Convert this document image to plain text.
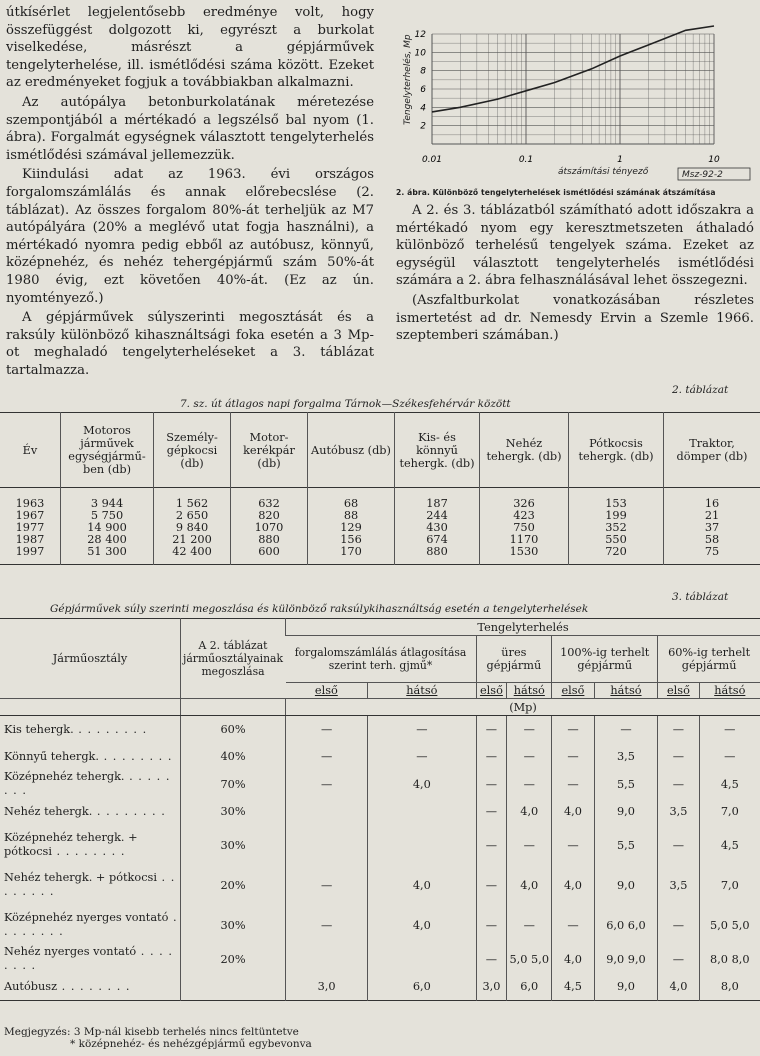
útkísérlet legjelentősebb eredménye volt, hogy összefüggést dolgozott ki, egyrészt a burkolat viselkedése, másrészt a gépjárművek tengelyterhelése, ill. ismétlődési száma között. Ezeket az eredményeket fogjuk a továbbiakban alkalmazni.

Az autópálya betonburkolatának méretezése szempontjából a mértékadó a legszélső bal nyom (1. ábra). Forgalmát egységnek választott tengelyterhelés ismétlődési számával jellemezzük.

Kiindulási adat az 1963. évi országos forgalomszámlálás és annak előrebecslése (2. táblázat). Az összes forgalom 80%-át terheljük az M7 autópályára (20% a meglévő utat fogja használni), a mértékadó nyomra pedig ebből az autóbusz, könnyű, középnehéz, és nehéz tehergépjármű szám 50%-át 1980 évig, ezt követően 40%-át. (Ez az ún. nyomtényező.)

A gépjárművek súlyszerinti megosztását és a raksúly különböző kihasználtsági foka esetén a 3 Mp-ot meghaladó tengelyterheléseket a 3. táblázat tartalmazza.

2
4
6
8
10
12
0.01	0.1	1	10
Tengelyterhelés, Mp
átszámítási tényező	Msz-92-2
2. ábra. Különböző tengelyterhelések ismétlődési számának átszámítása

A 2. és 3. táblázatból számítható adott időszakra a mértékadó nyom egy keresztmetszeten áthaladó különböző terhelésű tengelyek száma. Ezeket az egységül választott tengelyterhelés ismétlődési számára a 2. ábra felhasználásával lehet összegezni.

(Aszfaltburkolat vonatkozásában részletes ismertetést ad dr. Nemesdy Ervin a Szemle 1966. szeptemberi számában.)

2. táblázat
7. sz. út átlagos napi forgalma Tárnok—Székesfehérvár között
Év	Motoros járművek egységjármű-ben (db)	Személy-gépkocsi (db)	Motor-kerékpár (db)	Autóbusz (db)	Kis- és könnyű tehergk. (db)	Nehéz tehergk. (db)	Pótkocsis tehergk. (db)	Traktor, dömper (db)
1963	3 944	1 562	632	68	187	326	153	16
1967	5 750	2 650	820	88	244	423	199	21
1977	14 900	9 840	1070	129	430	750	352	37
1987	28 400	21 200	880	156	674	1170	550	58
1997	51 300	42 400	600	170	880	1530	720	75
3. táblázat
Gépjárművek súly szerinti megoszlása és különböző raksúlykihasználtság esetén a tengelyterhelések
Járműosztály	A 2. táblázat járműosztályainak megoszlása	Tengelyterhelés							
		forgalomszámlálás átlagosítása szerint terh. gjmű*		üres gépjármű		100%-ig terhelt gépjármű		60%-ig terhelt gépjármű	
		első	hátsó	első	hátsó	első	hátsó	első	hátsó
		(Mp)							
Kis tehergk. . . . . . . . .	60%	—	—	—	—	—	—	—	—
Könnyű tehergk. . . . . . . . .	40%	—	—	—	—	—	3,5	—	—
Középnehéz tehergk. . . . . . . . .	70%	—	4,0	—	—	—	5,5	—	4,5
Nehéz tehergk. . . . . . . . .	30%			—	4,0	4,0	9,0	3,5	7,0
Középnehéz tehergk. + pótkocsi . . . . . . . .	30%			—	—	—	5,5	—	4,5
Nehéz tehergk. + pótkocsi . . . . . . . .	20%	—	4,0	—	4,0	4,0	9,0	3,5	7,0
Középnehéz nyerges vontató . . . . . . . .	30%	—	4,0	—	—	—	6,0 6,0	—	5,0 5,0
Nehéz nyerges vontató . . . . . . . .	20%			—	5,0 5,0	4,0	9,0 9,0	—	8,0 8,0
Autóbusz . . . . . . . .		3,0	6,0	3,0	6,0	4,5	9,0	4,0	8,0
Megjegyzés: 3 Mp-nál kisebb terhelés nincs feltüntetve
* középnehéz- és nehézgépjármű egybevonva
